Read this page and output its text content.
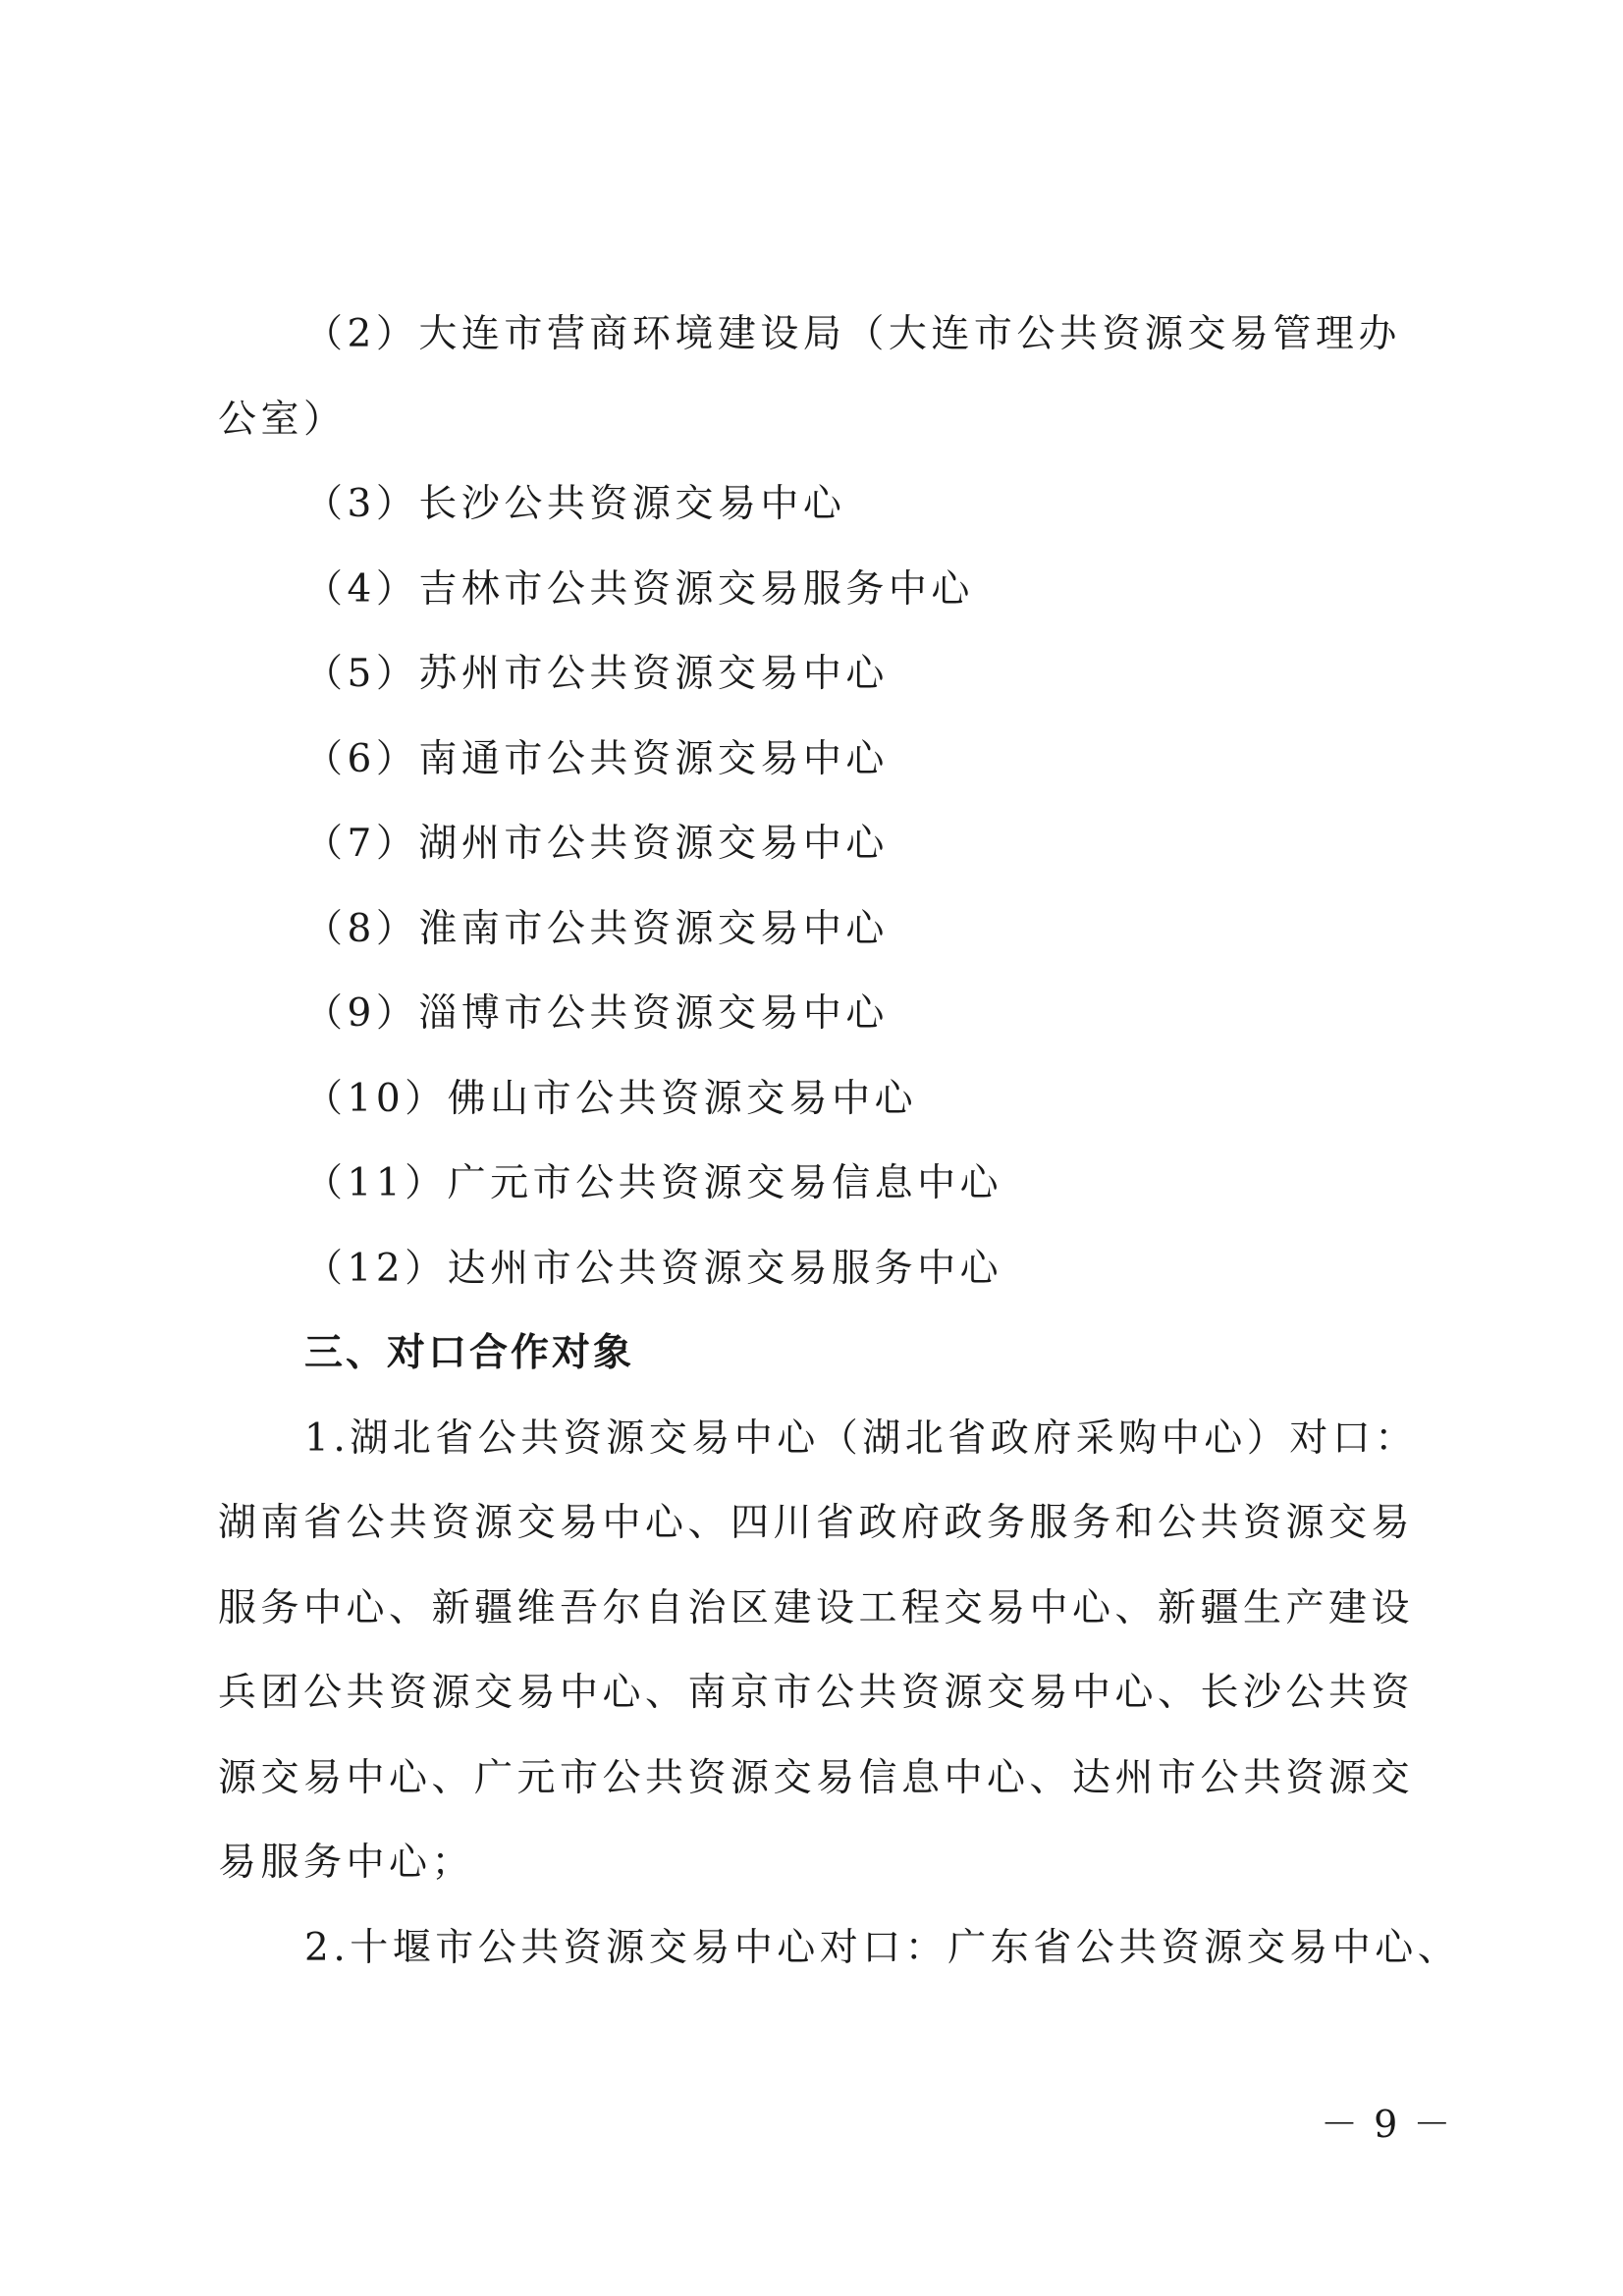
（2）大连市营商环境建设局（大连市公共资源交易管理办
公室）
（3）长沙公共资源交易中心
（4）吉林市公共资源交易服务中心
（5）苏州市公共资源交易中心
（6）南通市公共资源交易中心
（7）湖州市公共资源交易中心
（8）淮南市公共资源交易中心
（9）淄博市公共资源交易中心
（10）佛山市公共资源交易中心
（11）广元市公共资源交易信息中心
（12）达州市公共资源交易服务中心
三、对口合作对象
1.湖北省公共资源交易中心（湖北省政府采购中心）对口：
湖南省公共资源交易中心、四川省政府政务服务和公共资源交易
服务中心、新疆维吾尔自治区建设工程交易中心、新疆生产建设
兵团公共资源交易中心、南京市公共资源交易中心、长沙公共资
源交易中心、广元市公共资源交易信息中心、达州市公共资源交
易服务中心；
2.十堰市公共资源交易中心对口：广东省公共资源交易中心、
－ 9 －
